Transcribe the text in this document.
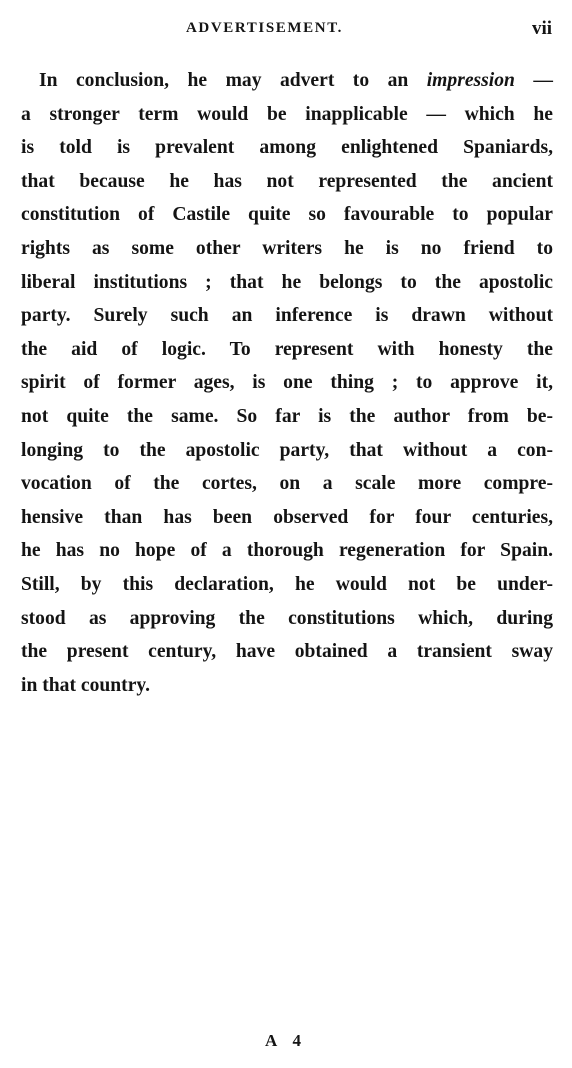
ADVERTISEMENT.	vii
In conclusion, he may advert to an impression —
a stronger term would be inapplicable — which he
is told is prevalent among enlightened Spaniards,
that because he has not represented the ancient
constitution of Castile quite so favourable to popular
rights as some other writers he is no friend to
liberal institutions ; that he belongs to the apostolic
party. Surely such an inference is drawn without
the aid of logic. To represent with honesty the
spirit of former ages, is one thing ; to approve it,
not quite the same. So far is the author from be-
longing to the apostolic party, that without a con-
vocation of the cortes, on a scale more compre-
hensive than has been observed for four centuries,
he has no hope of a thorough regeneration for Spain.
Still, by this declaration, he would not be under-
stood as approving the constitutions which, during
the present century, have obtained a transient sway
in that country.
A 4
